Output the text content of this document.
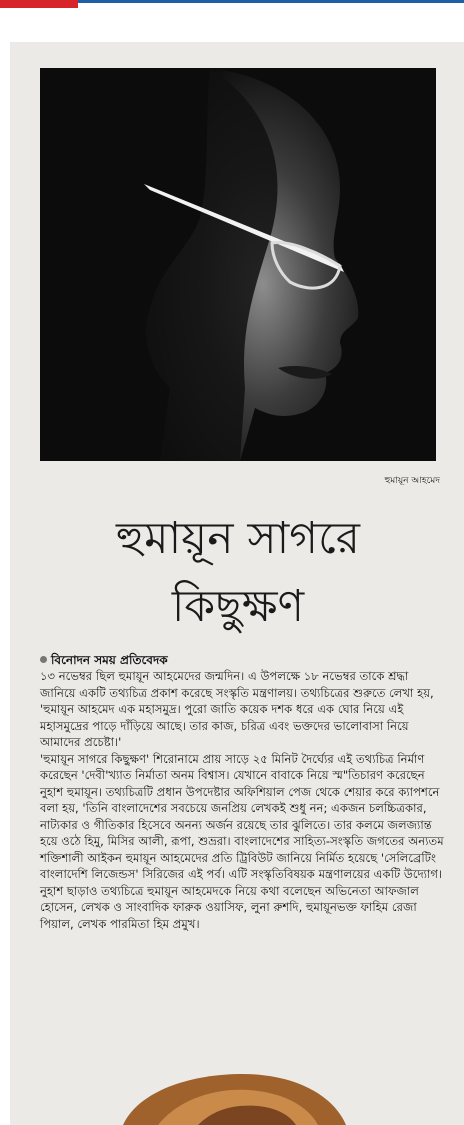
হুমায়ূন আহমেদ
হুমায়ূন সাগরে
কিছুক্ষণ
বিনোদন সময় প্রতিবেদক

১৩ নভেম্বর ছিল হুমায়ূন আহমেদের জন্মদিন। এ উপলক্ষে ১৮ নভেম্বর তাকে শ্রদ্ধা জানিয়ে একটি তথ্যচিত্র প্রকাশ করেছে সংস্কৃতি মন্ত্রণালয়। তথ্যচিত্রের শুরুতে লেখা হয়, 'হুমায়ূন আহমেদ এক মহাসমুদ্র। পুরো জাতি কয়েক দশক ধরে এক ঘোর নিয়ে এই মহাসমুদ্রের পাড়ে দাঁড়িয়ে আছে। তার কাজ, চরিত্র এবং ভক্তদের ভালোবাসা নিয়ে আমাদের প্রচেষ্টা।'

'হুমায়ূন সাগরে কিছুক্ষণ' শিরোনামে প্রায় সাড়ে ২৫ মিনিট দৈর্ঘ্যের এই তথ্যচিত্র নির্মাণ করেছেন 'দেবী'খ্যাত নির্মাতা অনম বিশ্বাস। যেখানে বাবাকে নিয়ে স্ম"তিচারণ করেছেন নুহাশ হুমায়ূন। তথ্যচিত্রটি প্রধান উপদেষ্টার অফিশিয়াল পেজ থেকে শেয়ার করে ক্যাপশনে বলা হয়, 'তিনি বাংলাদেশের সবচেয়ে জনপ্রিয় লেখকই শুধু নন; একজন চলচ্চিত্রকার, নাট্যকার ও গীতিকার হিসেবে অনন্য অর্জন রয়েছে তার ঝুলিতে। তার কলমে জলজ্যান্ত হয়ে ওঠে হিমু, মিসির আলী, রূপা, শুভ্ররা। বাংলাদেশের সাহিত্য-সংস্কৃতি জগতের অন্যতম শক্তিশালী আইকন হুমায়ূন আহমেদের প্রতি ট্রিবিউট জানিয়ে নির্মিত হয়েছে 'সেলিব্রেটিং বাংলাদেশি লিজেন্ডস' সিরিজের এই পর্ব। এটি সংস্কৃতিবিষয়ক মন্ত্রণালয়ের একটি উদ্যোগ। নুহাশ ছাড়াও তথ্যচিত্রে হুমায়ূন আহমেদকে নিয়ে কথা বলেছেন অভিনেতা আফজাল হোসেন, লেখক ও সাংবাদিক ফারুক ওয়াসিফ, লুনা রুশদি, হুমায়ূনভক্ত ফাহিম রেজা পিয়াল, লেখক পারমিতা হিম প্রমুখ।
